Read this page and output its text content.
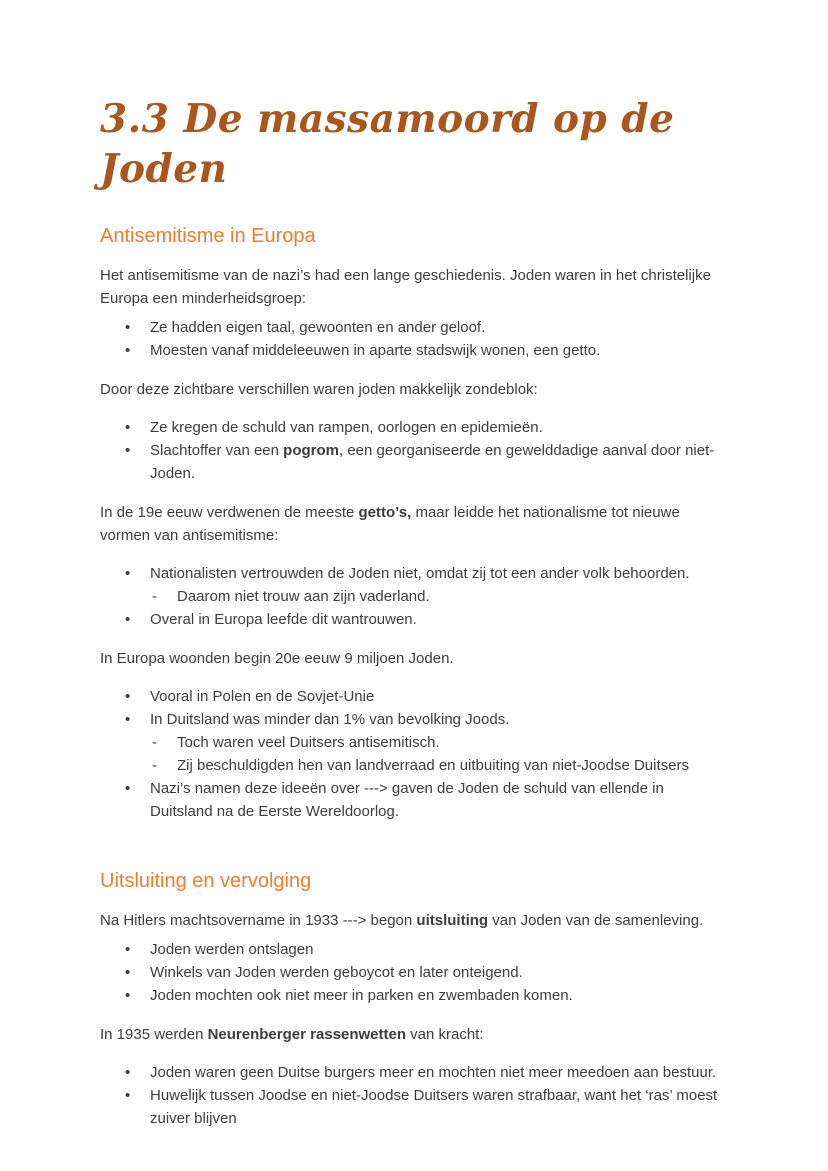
3.3 De massamoord op de Joden
Antisemitisme in Europa

Het antisemitisme van de nazi’s had een lange geschiedenis. Joden waren in het christelijke Europa een minderheidsgroep:

•	Ze hadden eigen taal, gewoonten en ander geloof.
•	Moesten vanaf middeleeuwen in aparte stadswijk wonen, een getto.

Door deze zichtbare verschillen waren joden makkelijk zondeblok:

•	Ze kregen de schuld van rampen, oorlogen en epidemieën.
•	Slachtoffer van een pogrom, een georganiseerde en gewelddadige aanval door niet-Joden.

In de 19e eeuw verdwenen de meeste getto’s, maar leidde het nationalisme tot nieuwe vormen van antisemitisme:

•	Nationalisten vertrouwden de Joden niet, omdat zij tot een ander volk behoorden.
-	Daarom niet trouw aan zijn vaderland.
•	Overal in Europa leefde dit wantrouwen.

In Europa woonden begin 20e eeuw 9 miljoen Joden.

•	Vooral in Polen en de Sovjet-Unie
•	In Duitsland was minder dan 1% van bevolking Joods.
-	Toch waren veel Duitsers antisemitisch.
-	Zij beschuldigden hen van landverraad en uitbuiting van niet-Joodse Duitsers
•	Nazi’s namen deze ideeën over ---> gaven de Joden de schuld van ellende in Duitsland na de Eerste Wereldoorlog.
Uitsluiting en vervolging

Na Hitlers machtsovername in 1933 ---> begon uitsluiting van Joden van de samenleving.

•	Joden werden ontslagen
•	Winkels van Joden werden geboycot en later onteigend.
•	Joden mochten ook niet meer in parken en zwembaden komen.

In 1935 werden Neurenberger rassenwetten van kracht:

•	Joden waren geen Duitse burgers meer en mochten niet meer meedoen aan bestuur.
•	Huwelijk tussen Joodse en niet-Joodse Duitsers waren strafbaar, want het ‘ras’ moest zuiver blijven
